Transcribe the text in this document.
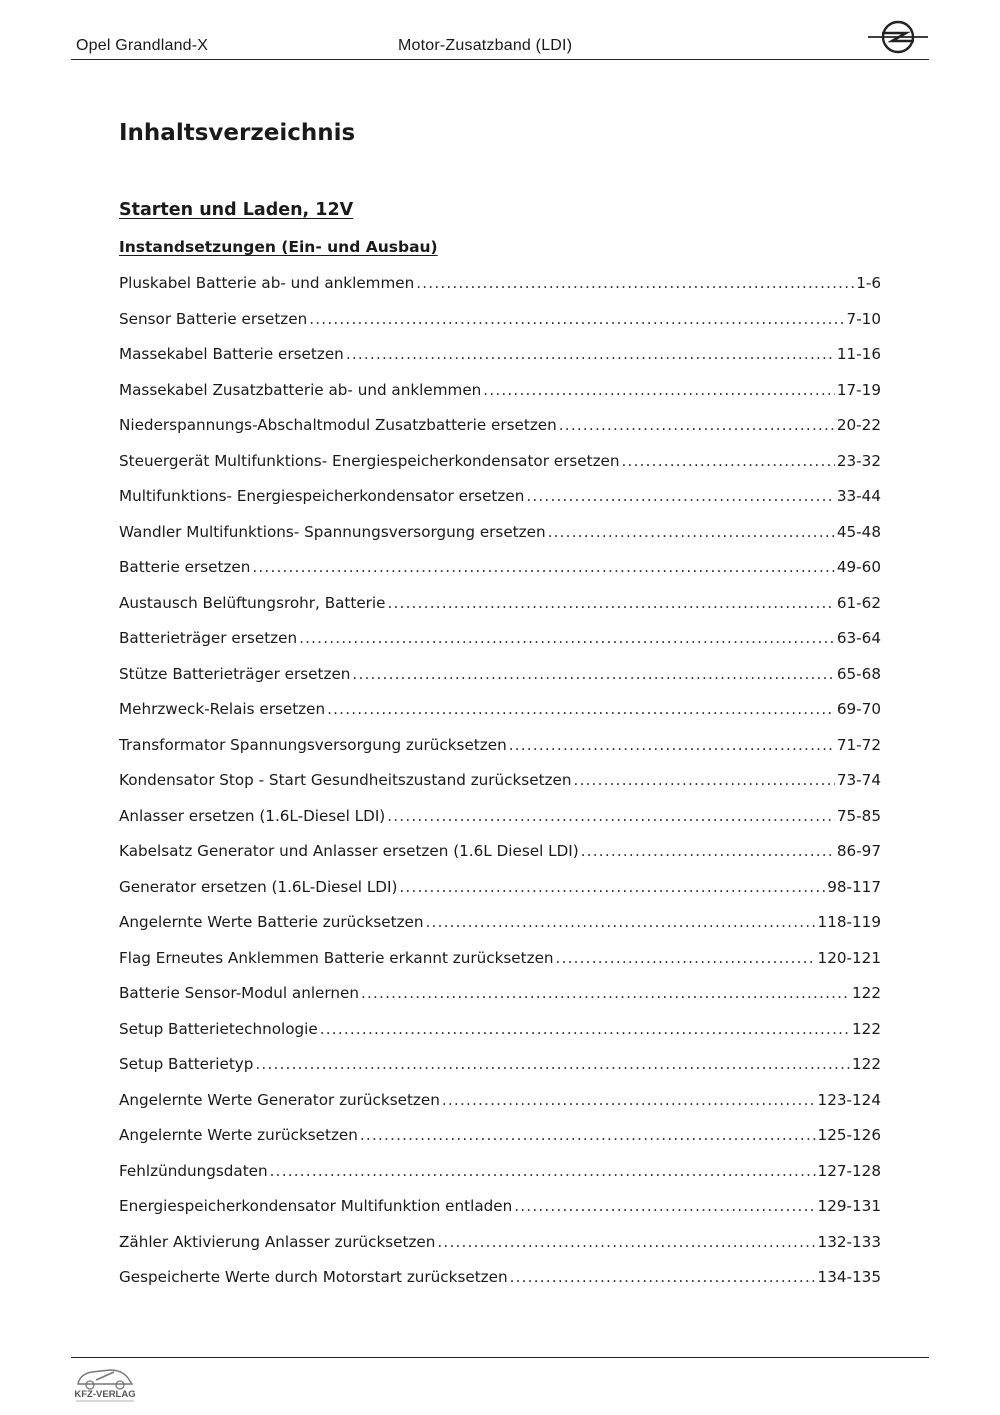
Opel Grandland-X	Motor-Zusatzband (LDI)
Inhaltsverzeichnis
Starten und Laden, 12V
Instandsetzungen (Ein- und Ausbau)
Pluskabel Batterie ab- und anklemmen .....	1-6
Sensor Batterie ersetzen .....	7-10
Massekabel Batterie ersetzen .....	11-16
Massekabel Zusatzbatterie ab- und anklemmen .....	17-19
Niederspannungs-Abschaltmodul Zusatzbatterie ersetzen .....	20-22
Steuergerät Multifunktions- Energiespeicherkondensator ersetzen .....	23-32
Multifunktions- Energiespeicherkondensator ersetzen .....	33-44
Wandler Multifunktions- Spannungsversorgung ersetzen .....	45-48
Batterie ersetzen .....	49-60
Austausch Belüftungsrohr, Batterie .....	61-62
Batterieträger ersetzen .....	63-64
Stütze Batterieträger ersetzen .....	65-68
Mehrzweck-Relais ersetzen .....	69-70
Transformator Spannungsversorgung zurücksetzen .....	71-72
Kondensator Stop - Start Gesundheitszustand zurücksetzen .....	73-74
Anlasser ersetzen (1.6L-Diesel LDI) .....	75-85
Kabelsatz Generator und Anlasser ersetzen (1.6L Diesel LDI) .....	86-97
Generator ersetzen (1.6L-Diesel LDI) .....	98-117
Angelernte Werte Batterie zurücksetzen .....	118-119
Flag Erneutes Anklemmen Batterie erkannt zurücksetzen .....	120-121
Batterie Sensor-Modul anlernen .....	122
Setup Batterietechnologie .....	122
Setup Batterietyp .....	122
Angelernte Werte Generator zurücksetzen .....	123-124
Angelernte Werte zurücksetzen .....	125-126
Fehlzündungsdaten .....	127-128
Energiespeicherkondensator Multifunktion entladen .....	129-131
Zähler Aktivierung Anlasser zurücksetzen .....	132-133
Gespeicherte Werte durch Motorstart zurücksetzen .....	134-135
KFZ-VERLAG
